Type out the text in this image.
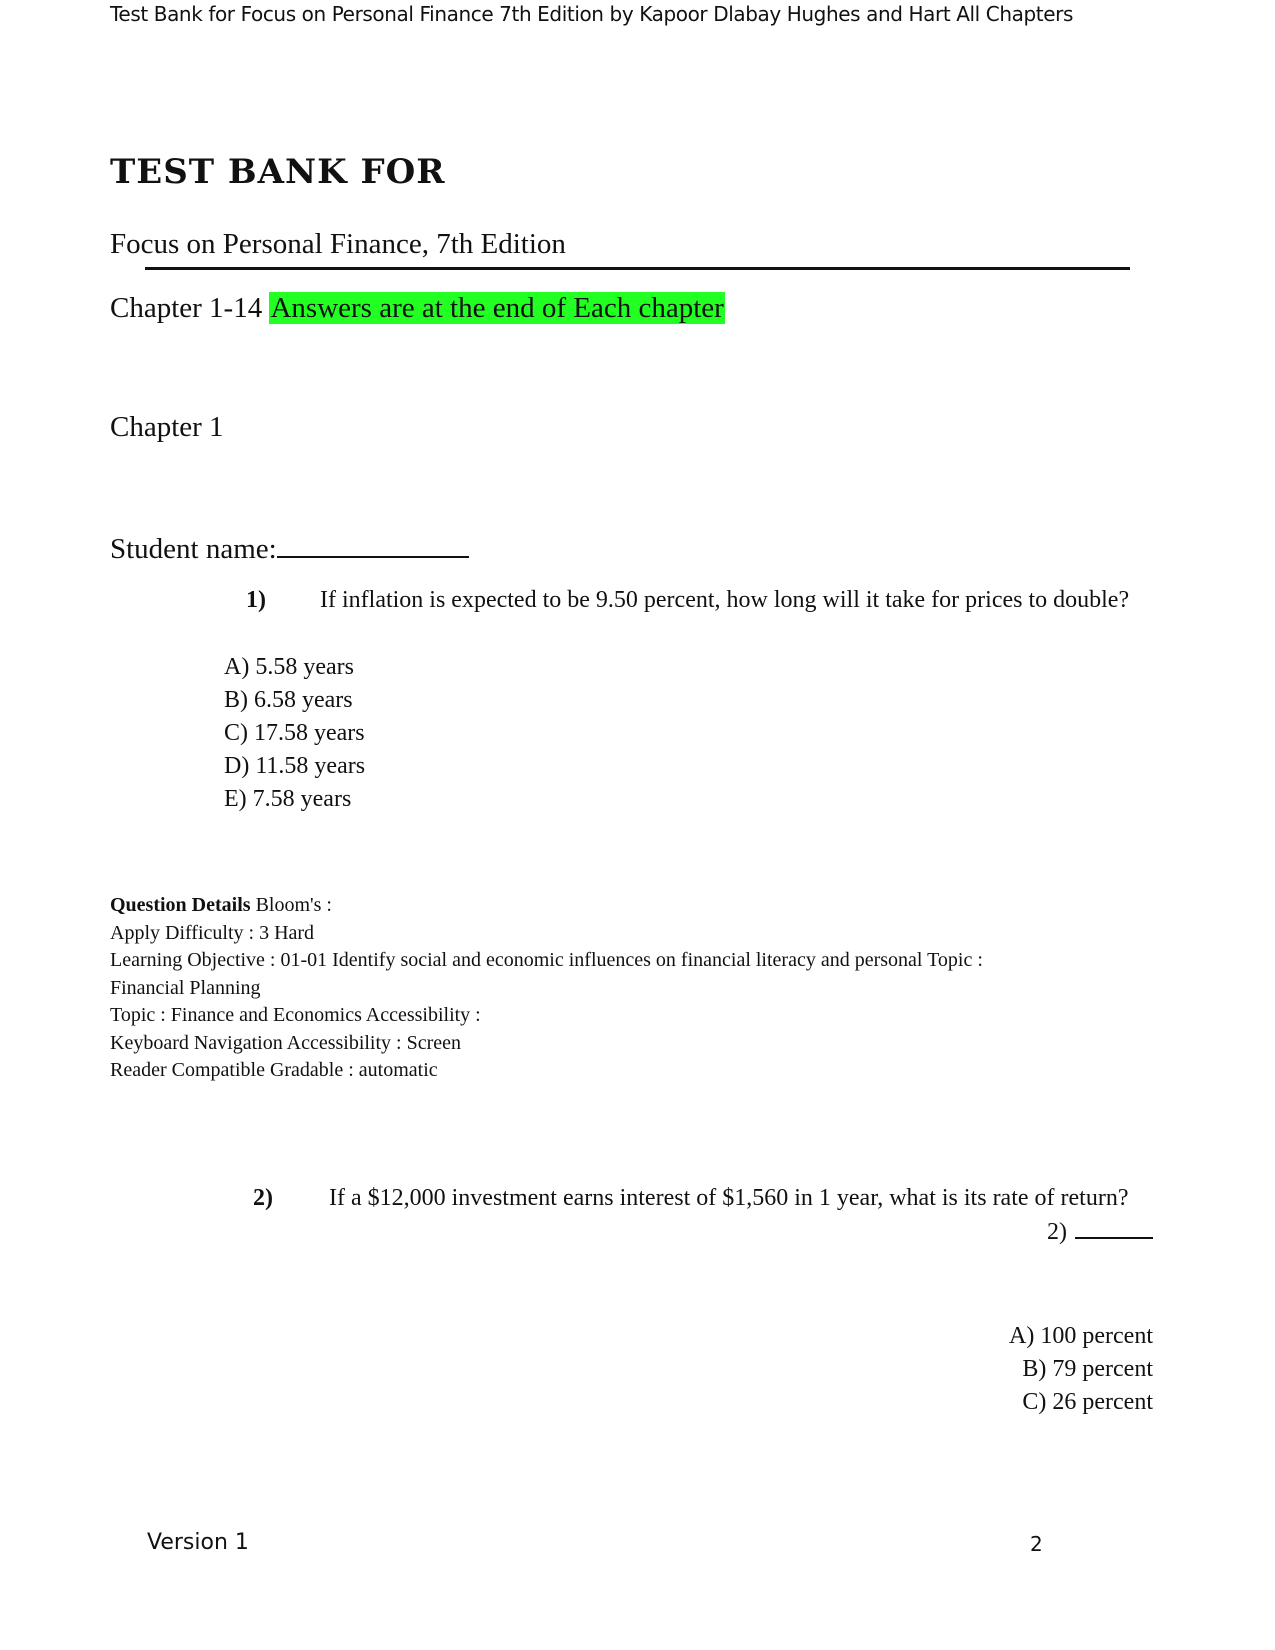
Test Bank for Focus on Personal Finance 7th Edition by Kapoor Dlabay Hughes and Hart All Chapters
TEST BANK FOR
Focus on Personal Finance, 7th Edition
Chapter 1-14 Answers are at the end of Each chapter
Chapter 1
Student name:
1) If inflation is expected to be 9.50 percent, how long will it take for prices to double?
A) 5.58 years
B) 6.58 years
C) 17.58 years
D) 11.58 years
E) 7.58 years
Question Details Bloom's :
Apply Difficulty : 3 Hard
Learning Objective : 01-01 Identify social and economic influences on financial literacy and personal Topic :
Financial Planning
Topic : Finance and Economics Accessibility :
Keyboard Navigation Accessibility : Screen
Reader Compatible Gradable : automatic
2) If a $12,000 investment earns interest of $1,560 in 1 year, what is its rate of return?
2)
A) 100 percent
B) 79 percent
C) 26 percent
Version 1	2
